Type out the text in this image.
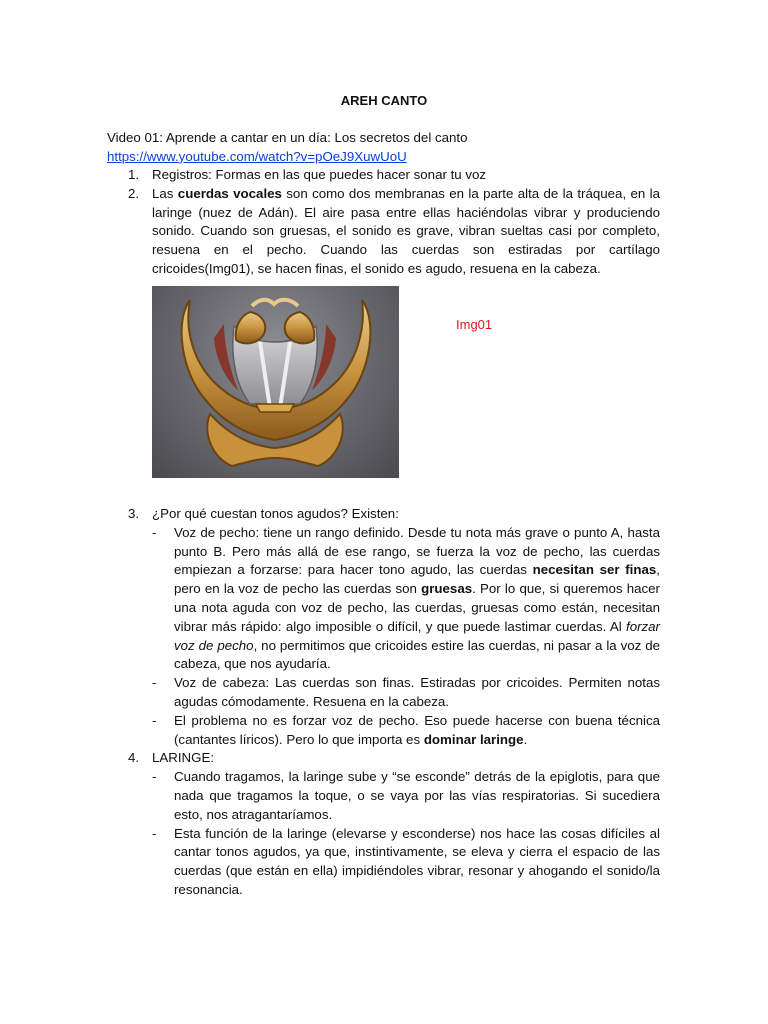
AREH CANTO
Video 01: Aprende a cantar en un día: Los secretos del canto
https://www.youtube.com/watch?v=pOeJ9XuwUoU
1. Registros: Formas en las que puedes hacer sonar tu voz
2. Las cuerdas vocales son como dos membranas en la parte alta de la tráquea, en la laringe (nuez de Adán). El aire pasa entre ellas haciéndolas vibrar y produciendo sonido. Cuando son gruesas, el sonido es grave, vibran sueltas casi por completo, resuena en el pecho. Cuando las cuerdas son estiradas por cartílago cricoides(Img01), se hacen finas, el sonido es agudo, resuena en la cabeza.
Img01
3. ¿Por qué cuestan tonos agudos? Existen:
- Voz de pecho: tiene un rango definido. Desde tu nota más grave o punto A, hasta punto B. Pero más allá de ese rango, se fuerza la voz de pecho, las cuerdas empiezan a forzarse: para hacer tono agudo, las cuerdas necesitan ser finas, pero en la voz de pecho las cuerdas son gruesas. Por lo que, si queremos hacer una nota aguda con voz de pecho, las cuerdas, gruesas como están, necesitan vibrar más rápido: algo imposible o difícil, y que puede lastimar cuerdas. Al forzar voz de pecho, no permitimos que cricoides estire las cuerdas, ni pasar a la voz de cabeza, que nos ayudaría.
- Voz de cabeza: Las cuerdas son finas. Estiradas por cricoides. Permiten notas agudas cómodamente. Resuena en la cabeza.
- El problema no es forzar voz de pecho. Eso puede hacerse con buena técnica (cantantes líricos). Pero lo que importa es dominar laringe.
4. LARINGE:
- Cuando tragamos, la laringe sube y “se esconde” detrás de la epiglotis, para que nada que tragamos la toque, o se vaya por las vías respiratorias. Si sucediera esto, nos atragantaríamos.
- Esta función de la laringe (elevarse y esconderse) nos hace las cosas difíciles al cantar tonos agudos, ya que, instintivamente, se eleva y cierra el espacio de las cuerdas (que están en ella) impidiéndoles vibrar, resonar y ahogando el sonido/la resonancia.
